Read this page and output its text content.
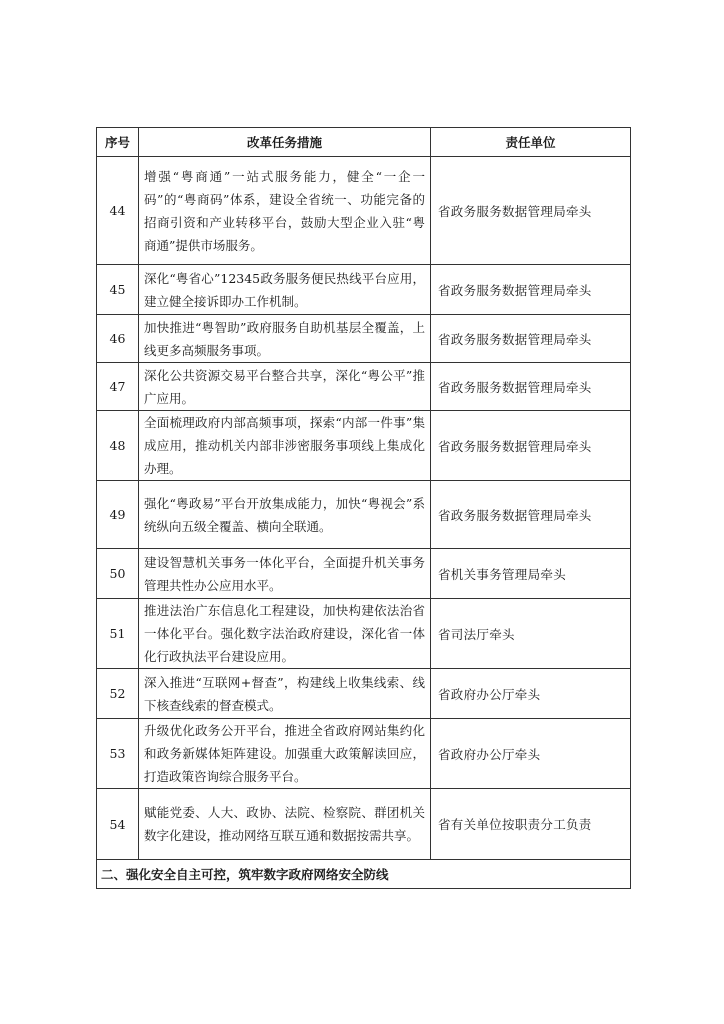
序号	改革任务措施	责任单位
44	增强“粤商通”一站式服务能力，健全“一企一码”的“粤商码”体系，建设全省统一、功能完备的招商引资和产业转移平台，鼓励大型企业入驻“粤商通”提供市场服务。	省政务服务数据管理局牵头
45	深化“粤省心”12345政务服务便民热线平台应用，建立健全接诉即办工作机制。	省政务服务数据管理局牵头
46	加快推进“粤智助”政府服务自助机基层全覆盖，上线更多高频服务事项。	省政务服务数据管理局牵头
47	深化公共资源交易平台整合共享，深化“粤公平”推广应用。	省政务服务数据管理局牵头
48	全面梳理政府内部高频事项，探索“内部一件事”集成应用，推动机关内部非涉密服务事项线上集成化办理。	省政务服务数据管理局牵头
49	强化“粤政易”平台开放集成能力，加快“粤视会”系统纵向五级全覆盖、横向全联通。	省政务服务数据管理局牵头
50	建设智慧机关事务一体化平台，全面提升机关事务管理共性办公应用水平。	省机关事务管理局牵头
51	推进法治广东信息化工程建设，加快构建依法治省一体化平台。强化数字法治政府建设，深化省一体化行政执法平台建设应用。	省司法厅牵头
52	深入推进“互联网+督查”，构建线上收集线索、线下核查线索的督查模式。	省政府办公厅牵头
53	升级优化政务公开平台，推进全省政府网站集约化和政务新媒体矩阵建设。加强重大政策解读回应，打造政策咨询综合服务平台。	省政府办公厅牵头
54	赋能党委、人大、政协、法院、检察院、群团机关数字化建设，推动网络互联互通和数据按需共享。	省有关单位按职责分工负责
二、强化安全自主可控，筑牢数字政府网络安全防线		
